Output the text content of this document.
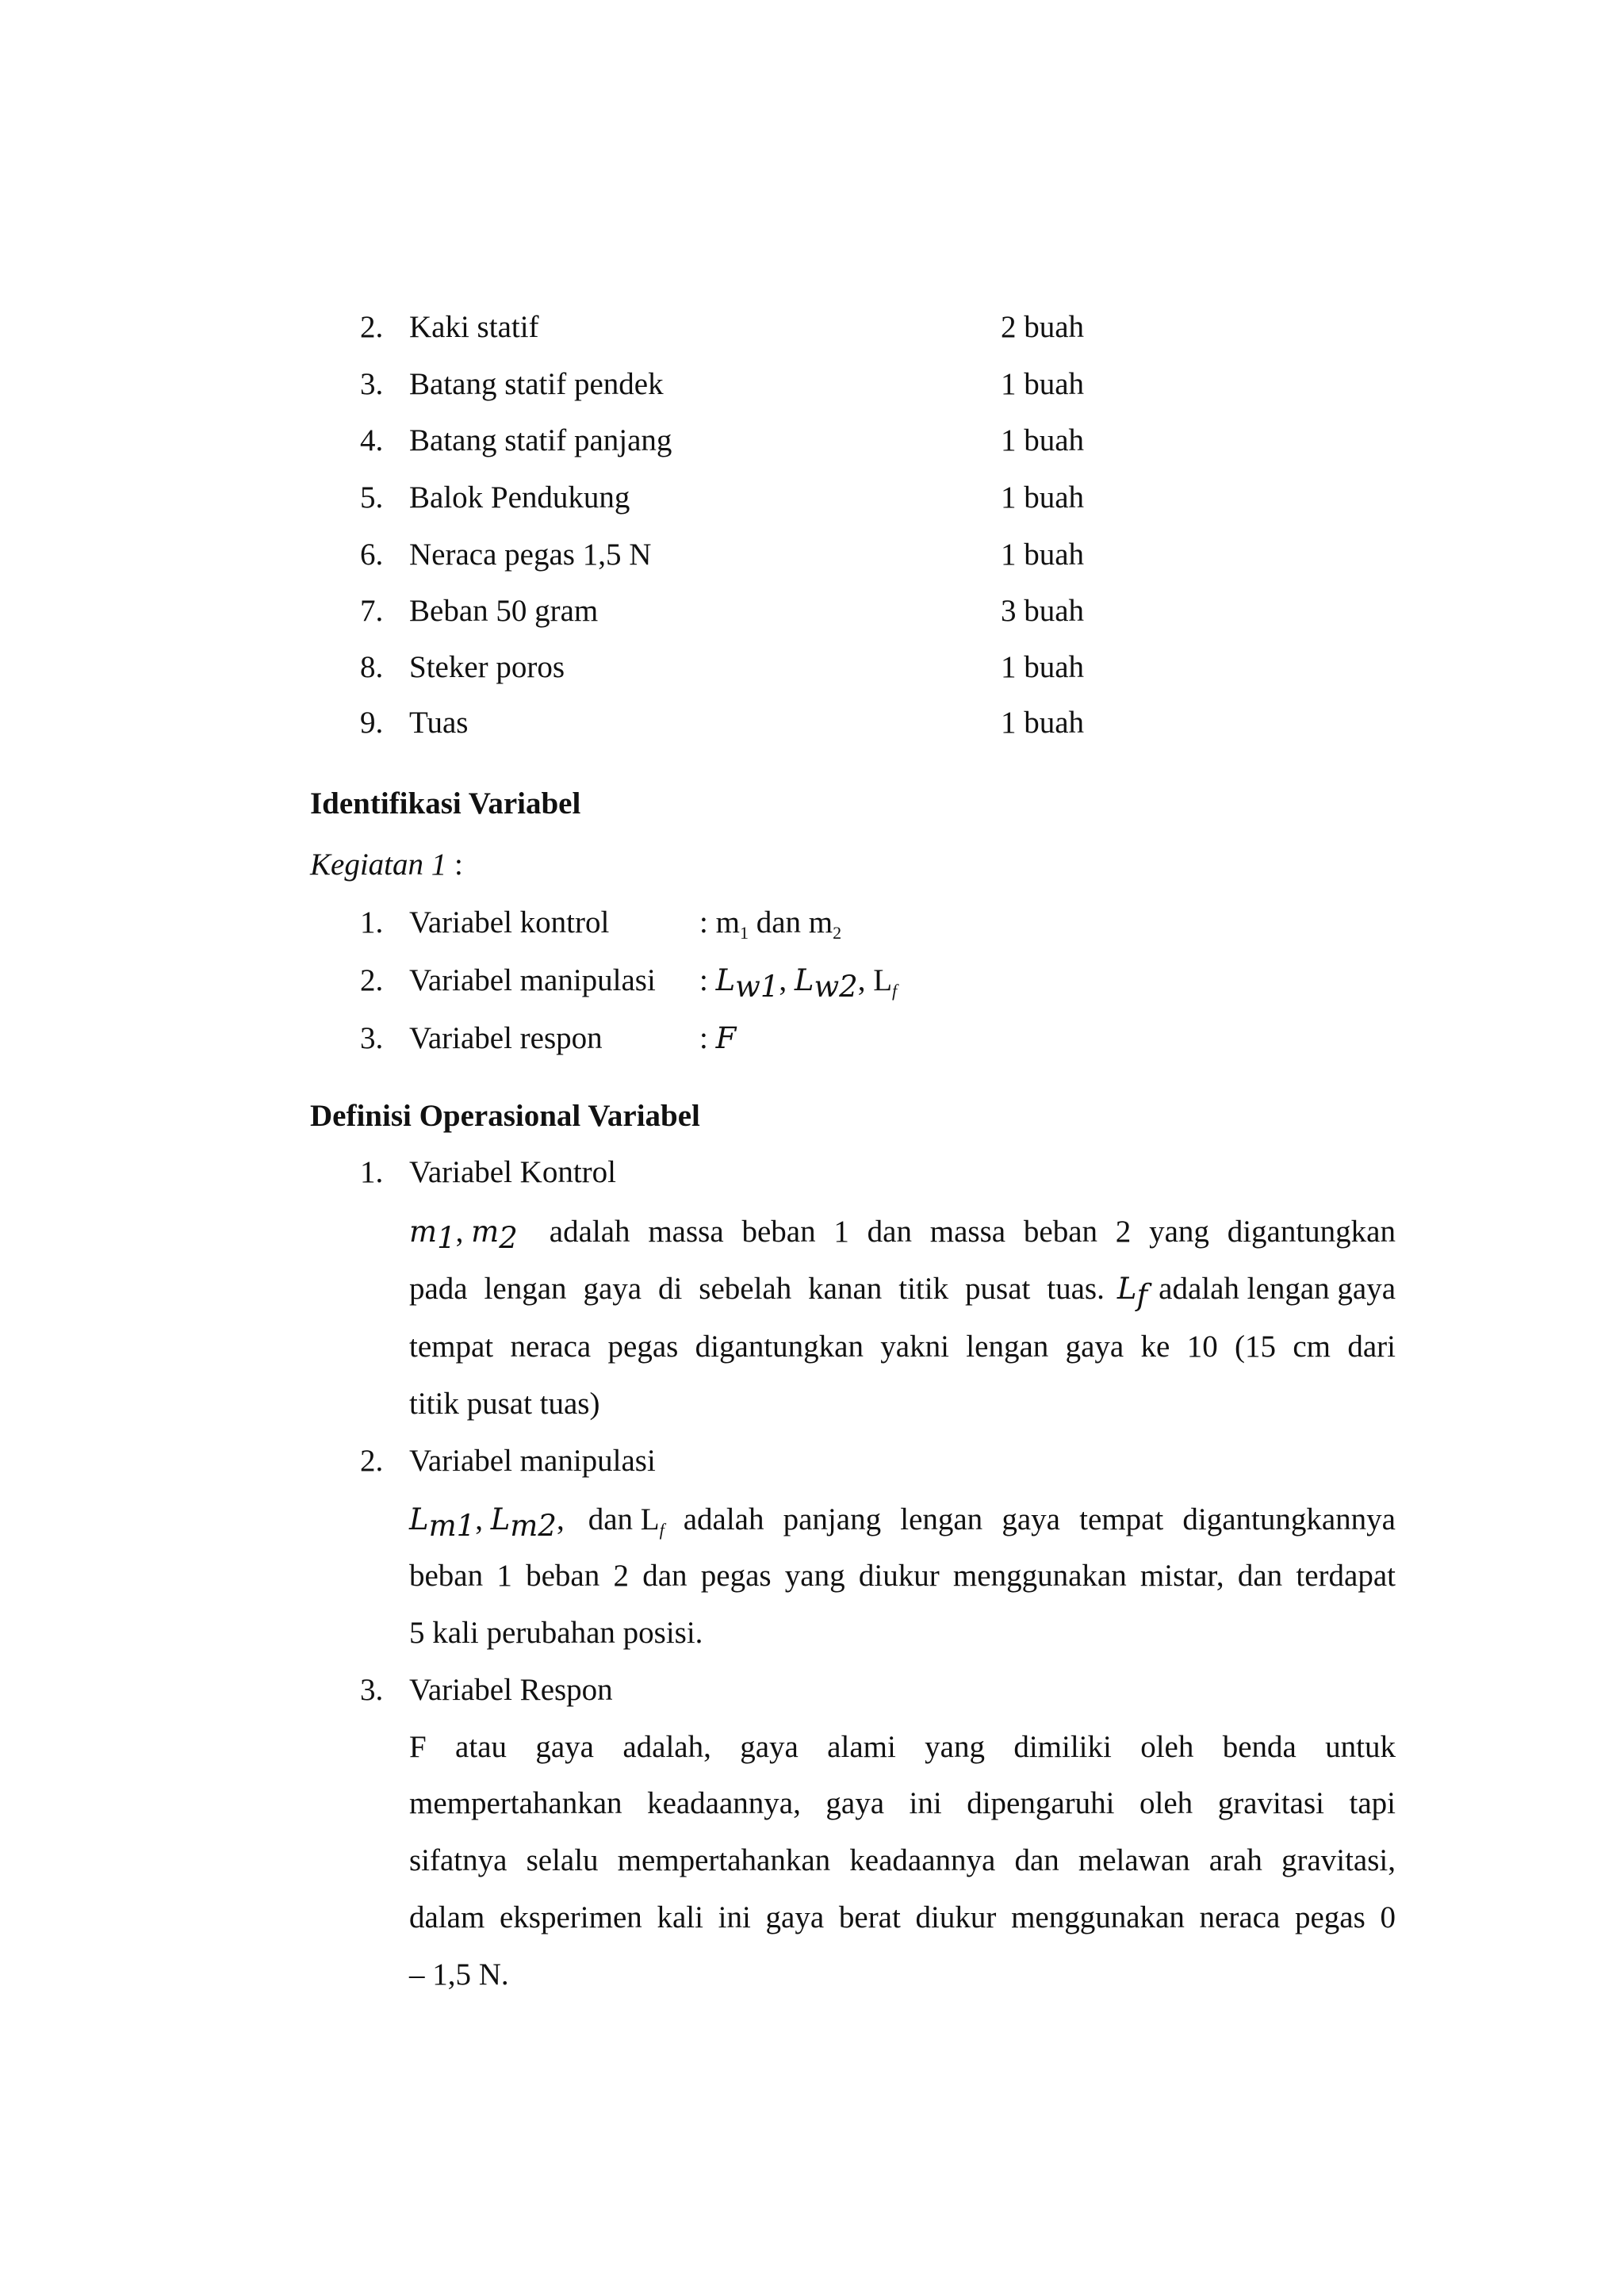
2. Kaki statif	2 buah
3. Batang statif pendek	1 buah
4. Batang statif panjang	1 buah
5. Balok Pendukung	1 buah
6. Neraca pegas 1,5 N	1 buah
7. Beban 50 gram	3 buah
8. Steker poros	1 buah
9. Tuas	1 buah
Identifikasi Variabel
Kegiatan 1 :
1. Variabel kontrol	: $m_1$ dan $m_2$
2. Variabel manipulasi : $L_{w1}$, $L_{w2}$, $L_f$
3. Variabel respon	: F
Definisi Operasional Variabel
1. Variabel Kontrol
$m_1$, $m_2$ adalah massa beban 1 dan massa beban 2 yang digantungkan
pada lengan gaya di sebelah kanan titik pusat tuas. $L_f$ adalah lengan gaya
tempat neraca pegas digantungkan yakni lengan gaya ke 10 (15 cm dari
titik pusat tuas)
2. Variabel manipulasi
$L_{m1}$, $L_{m2}$, dan $L_f$ adalah panjang lengan gaya tempat digantungkannya
beban 1 beban 2 dan pegas yang diukur menggunakan mistar, dan terdapat
5 kali perubahan posisi.
3. Variabel Respon
F atau gaya adalah, gaya alami yang dimiliki oleh benda untuk
mempertahankan keadaannya, gaya ini dipengaruhi oleh gravitasi tapi
sifatnya selalu mempertahankan keadaannya dan melawan arah gravitasi,
dalam eksperimen kali ini gaya berat diukur menggunakan neraca pegas 0
– 1,5 N.
